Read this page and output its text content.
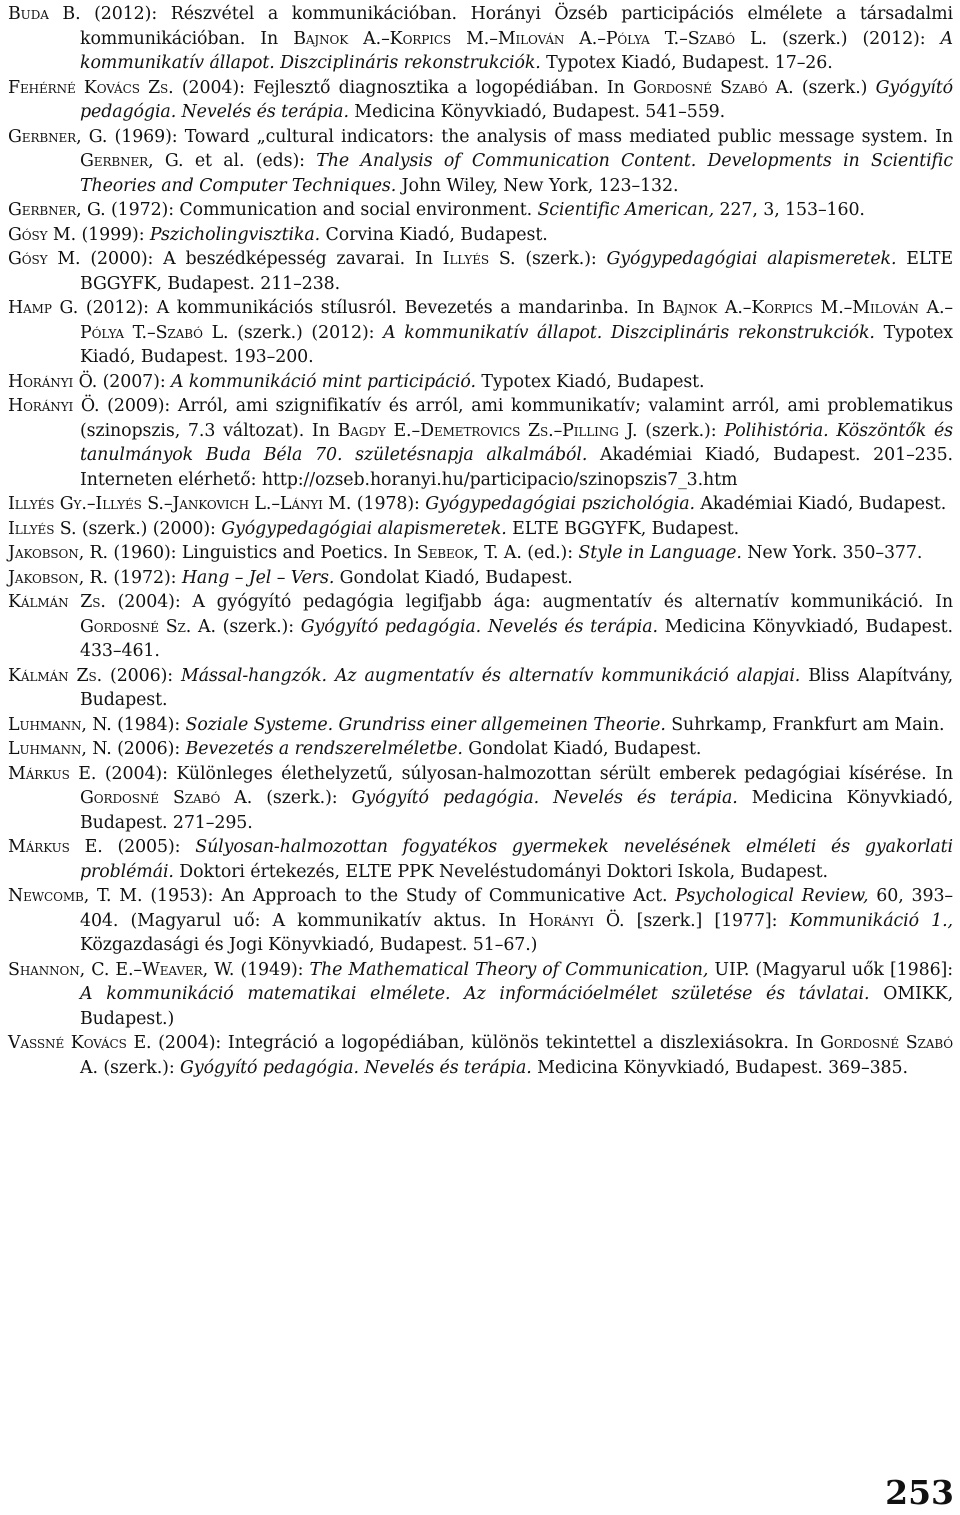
Buda B. (2012): Részvétel a kommunikációban. Horányi Özséb participációs elmélete a társadalmi kommunikációban. In Bajnok A.–Korpics M.–Milován A.–Pólya T.–Szabó L. (szerk.) (2012): A kommunikatív állapot. Diszciplináris rekonstrukciók. Typotex Kiadó, Budapest. 17–26.
Fehérné Kovács Zs. (2004): Fejlesztő diagnosztika a logopédiában. In Gordosné Szabó A. (szerk.) Gyógyító pedagógia. Nevelés és terápia. Medicina Könyvkiadó, Budapest. 541–559.
Gerbner, G. (1969): Toward „cultural indicators: the analysis of mass mediated public message system. In Gerbner, G. et al. (eds): The Analysis of Communication Content. Developments in Scientific Theories and Computer Techniques. John Wiley, New York, 123–132.
Gerbner, G. (1972): Communication and social environment. Scientific American, 227, 3, 153–160.
Gósy M. (1999): Pszicholingvisztika. Corvina Kiadó, Budapest.
Gósy M. (2000): A beszédképesség zavarai. In Illyés S. (szerk.): Gyógypedagógiai alapismeretek. ELTE BGGYFK, Budapest. 211–238.
Hamp G. (2012): A kommunikációs stílusról. Bevezetés a mandarinba. In Bajnok A.–Korpics M.–Milován A.–Pólya T.–Szabó L. (szerk.) (2012): A kommunikatív állapot. Diszciplináris rekonstrukciók. Typotex Kiadó, Budapest. 193–200.
Horányi Ö. (2007): A kommunikáció mint participáció. Typotex Kiadó, Budapest.
Horányi Ö. (2009): Arról, ami szignifikatív és arról, ami kommunikatív; valamint arról, ami problematikus (szinopszis, 7.3 változat). In Bagdy E.–Demetrovics Zs.–Pilling J. (szerk.): Polihistória. Köszöntők és tanulmányok Buda Béla 70. születésnapja alkalmából. Akadémiai Kiadó, Budapest. 201–235. Interneten elérhető: http://ozseb.horanyi.hu/participacio/szinopszis7_3.htm
Illyés Gy.–Illyés S.–Jankovich L.–Lányi M. (1978): Gyógypedagógiai pszichológia. Akadémiai Kiadó, Budapest.
Illyés S. (szerk.) (2000): Gyógypedagógiai alapismeretek. ELTE BGGYFK, Budapest.
Jakobson, R. (1960): Linguistics and Poetics. In Sebeok, T. A. (ed.): Style in Language. New York. 350–377.
Jakobson, R. (1972): Hang – Jel – Vers. Gondolat Kiadó, Budapest.
Kálmán Zs. (2004): A gyógyító pedagógia legifjabb ága: augmentatív és alternatív kommunikáció. In Gordosné Sz. A. (szerk.): Gyógyító pedagógia. Nevelés és terápia. Medicina Könyvkiadó, Budapest. 433–461.
Kálmán Zs. (2006): Mással-hangzók. Az augmentatív és alternatív kommunikáció alapjai. Bliss Alapítvány, Budapest.
Luhmann, N. (1984): Soziale Systeme. Grundriss einer allgemeinen Theorie. Suhrkamp, Frankfurt am Main.
Luhmann, N. (2006): Bevezetés a rendszerelméletbe. Gondolat Kiadó, Budapest.
Márkus E. (2004): Különleges élethelyzetű, súlyosan-halmozottan sérült emberek pedagógiai kísérése. In Gordosné Szabó A. (szerk.): Gyógyító pedagógia. Nevelés és terápia. Medicina Könyvkiadó, Budapest. 271–295.
Márkus E. (2005): Súlyosan-halmozottan fogyatékos gyermekek nevelésének elméleti és gyakorlati problémái. Doktori értekezés, ELTE PPK Neveléstudományi Doktori Iskola, Budapest.
Newcomb, T. M. (1953): An Approach to the Study of Communicative Act. Psychological Review, 60, 393–404. (Magyarul uő: A kommunikatív aktus. In Horányi Ö. [szerk.] [1977]: Kommunikáció 1., Közgazdasági és Jogi Könyvkiadó, Budapest. 51–67.)
Shannon, C. E.–Weaver, W. (1949): The Mathematical Theory of Communication, UIP. (Magyarul uők [1986]: A kommunikáció matematikai elmélete. Az információelmélet születése és távlatai. OMIKK, Budapest.)
Vassné Kovács E. (2004): Integráció a logopédiában, különös tekintettel a diszlexiásokra. In Gordosné Szabó A. (szerk.): Gyógyító pedagógia. Nevelés és terápia. Medicina Könyvkiadó, Budapest. 369–385.
253
